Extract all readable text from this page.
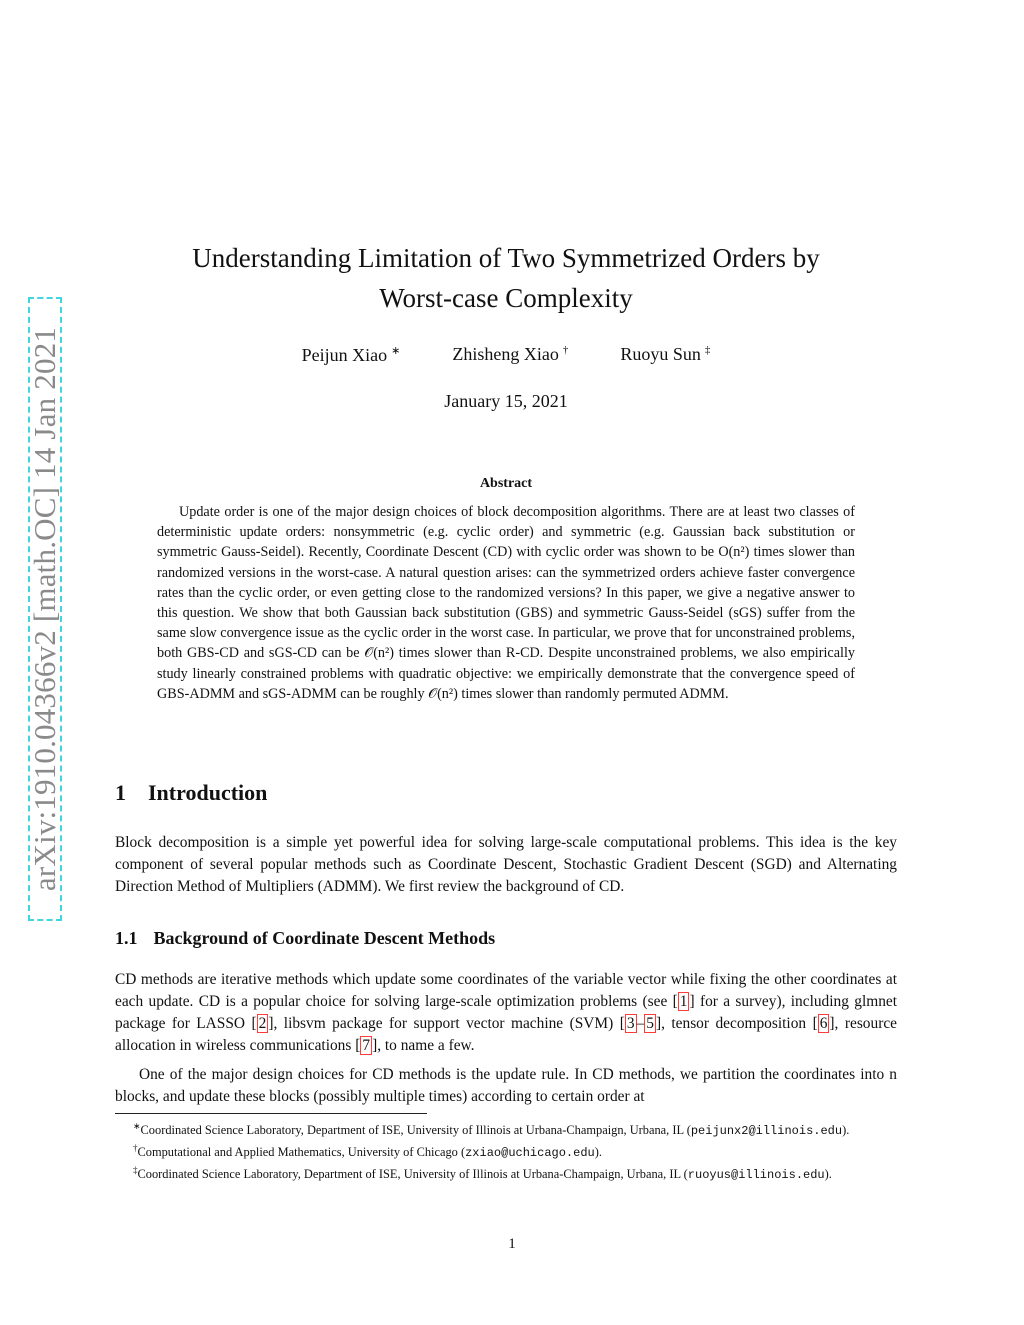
arXiv:1910.04366v2 [math.OC] 14 Jan 2021
Understanding Limitation of Two Symmetrized Orders by
Worst-case Complexity
Peijun Xiao ∗	Zhisheng Xiao †	Ruoyu Sun ‡
January 15, 2021
Abstract

Update order is one of the major design choices of block decomposition algorithms. There are at least two classes of deterministic update orders: nonsymmetric (e.g. cyclic order) and symmetric (e.g. Gaussian back substitution or symmetric Gauss-Seidel). Recently, Coordinate Descent (CD) with cyclic order was shown to be O(n²) times slower than randomized versions in the worst-case. A natural question arises: can the symmetrized orders achieve faster convergence rates than the cyclic order, or even getting close to the randomized versions? In this paper, we give a negative answer to this question. We show that both Gaussian back substitution (GBS) and symmetric Gauss-Seidel (sGS) suffer from the same slow convergence issue as the cyclic order in the worst case. In particular, we prove that for unconstrained problems, both GBS-CD and sGS-CD can be 𝒪(n²) times slower than R-CD. Despite unconstrained problems, we also empirically study linearly constrained problems with quadratic objective: we empirically demonstrate that the convergence speed of GBS-ADMM and sGS-ADMM can be roughly 𝒪(n²) times slower than randomly permuted ADMM.

1 Introduction

Block decomposition is a simple yet powerful idea for solving large-scale computational problems. This idea is the key component of several popular methods such as Coordinate Descent, Stochastic Gradient Descent (SGD) and Alternating Direction Method of Multipliers (ADMM). We first review the background of CD.

1.1 Background of Coordinate Descent Methods

CD methods are iterative methods which update some coordinates of the variable vector while fixing the other coordinates at each update. CD is a popular choice for solving large-scale optimization problems (see [ 1 ] for a survey), including glmnet package for LASSO [ 2 ], libsvm package for support vector machine (SVM) [ 3 – 5 ], tensor decomposition [ 6 ], resource allocation in wireless communications [ 7 ], to name a few.

One of the major design choices for CD methods is the update rule. In CD methods, we partition the coordinates into n blocks, and update these blocks (possibly multiple times) according to certain order at

∗Coordinated Science Laboratory, Department of ISE, University of Illinois at Urbana-Champaign, Urbana, IL (peijunx2@illinois.edu).

†Computational and Applied Mathematics, University of Chicago (zxiao@uchicago.edu).

‡Coordinated Science Laboratory, Department of ISE, University of Illinois at Urbana-Champaign, Urbana, IL (ruoyus@illinois.edu).

1
